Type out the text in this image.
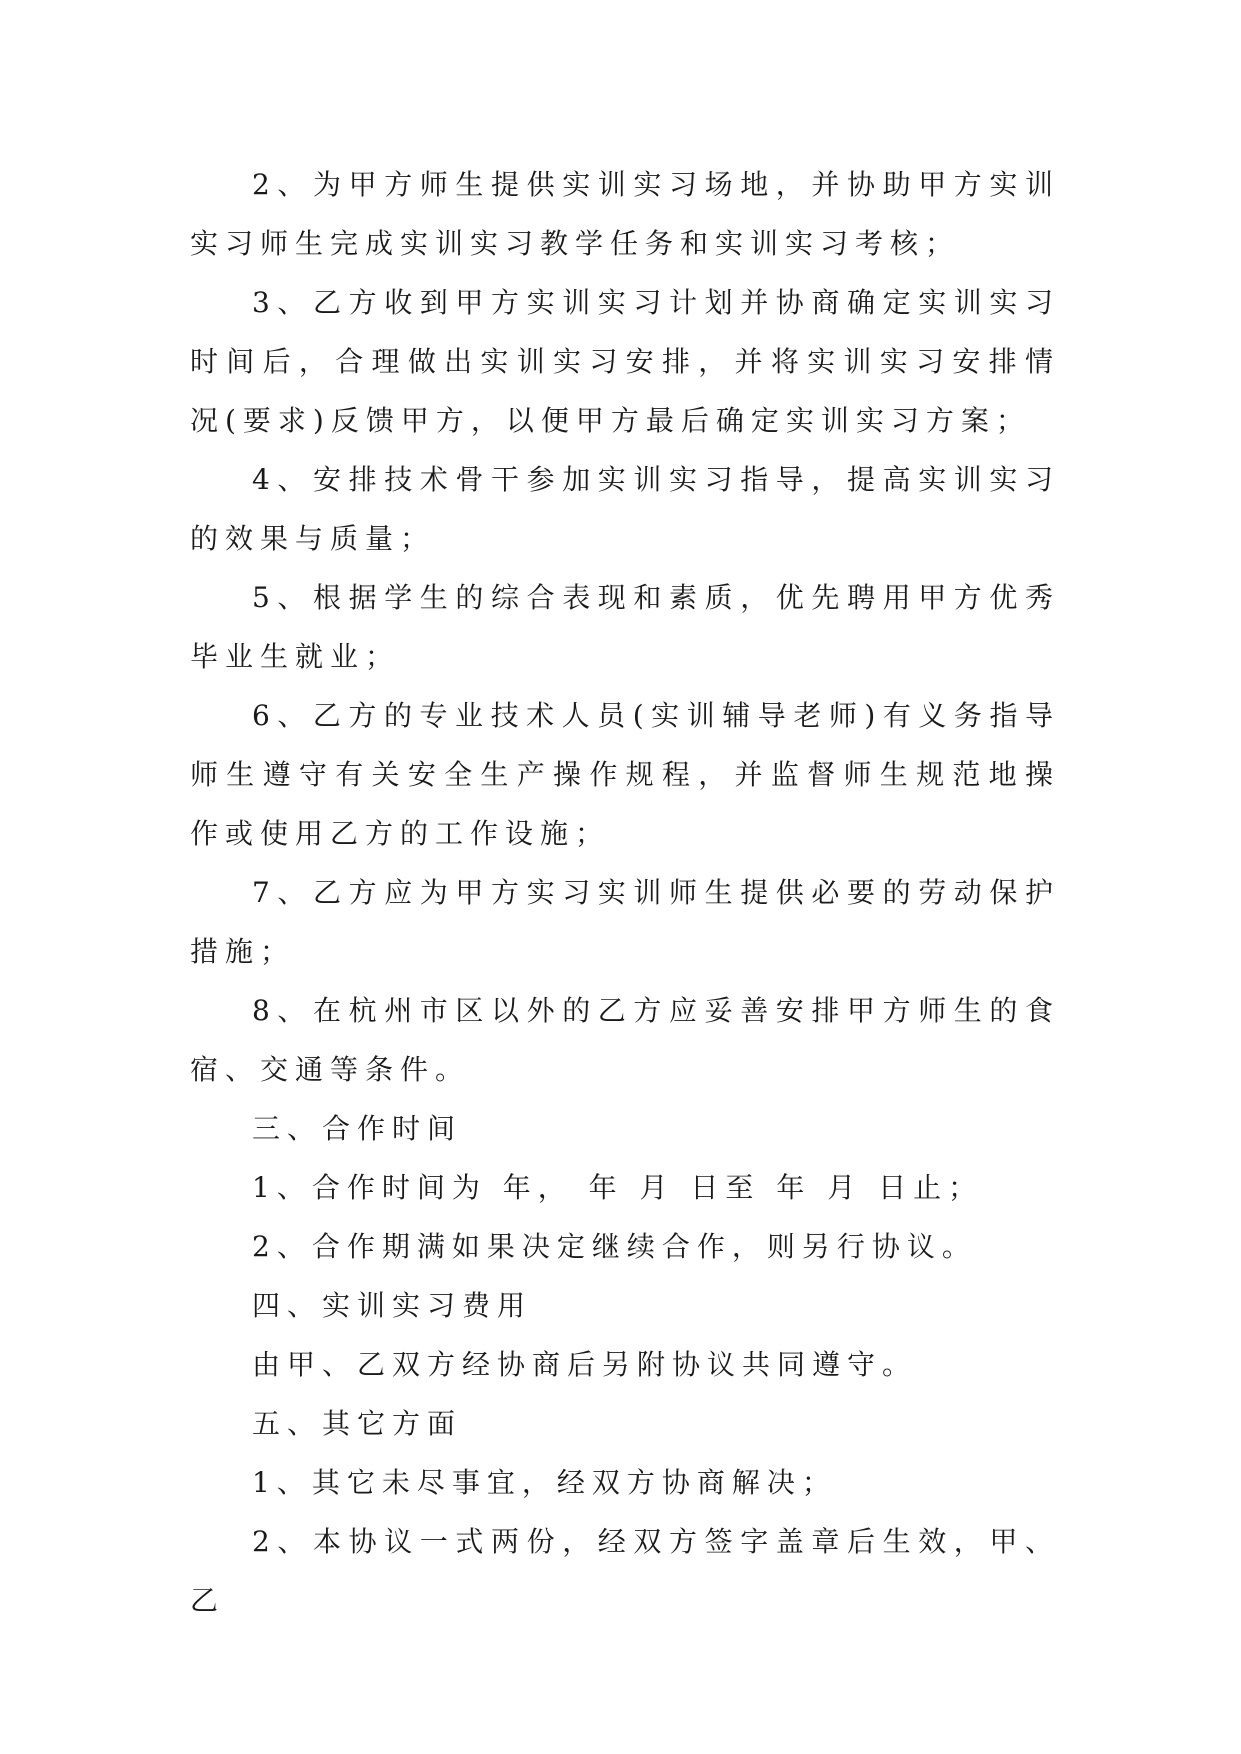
2、为甲方师生提供实训实习场地，并协助甲方实训实习师生完成实训实习教学任务和实训实习考核；

3、乙方收到甲方实训实习计划并协商确定实训实习时间后，合理做出实训实习安排，并将实训实习安排情况(要求)反馈甲方，以便甲方最后确定实训实习方案；

4、安排技术骨干参加实训实习指导，提高实训实习的效果与质量；

5、根据学生的综合表现和素质，优先聘用甲方优秀毕业生就业；

6、乙方的专业技术人员(实训辅导老师)有义务指导师生遵守有关安全生产操作规程，并监督师生规范地操作或使用乙方的工作设施；

7、乙方应为甲方实习实训师生提供必要的劳动保护措施；

8、在杭州市区以外的乙方应妥善安排甲方师生的食宿、交通等条件。

三、合作时间

1、合作时间为 年， 年 月 日至 年 月 日止；

2、合作期满如果决定继续合作，则另行协议。

四、实训实习费用

由甲、乙双方经协商后另附协议共同遵守。

五、其它方面

1、其它未尽事宜，经双方协商解决；

2、本协议一式两份，经双方签字盖章后生效，甲、乙
